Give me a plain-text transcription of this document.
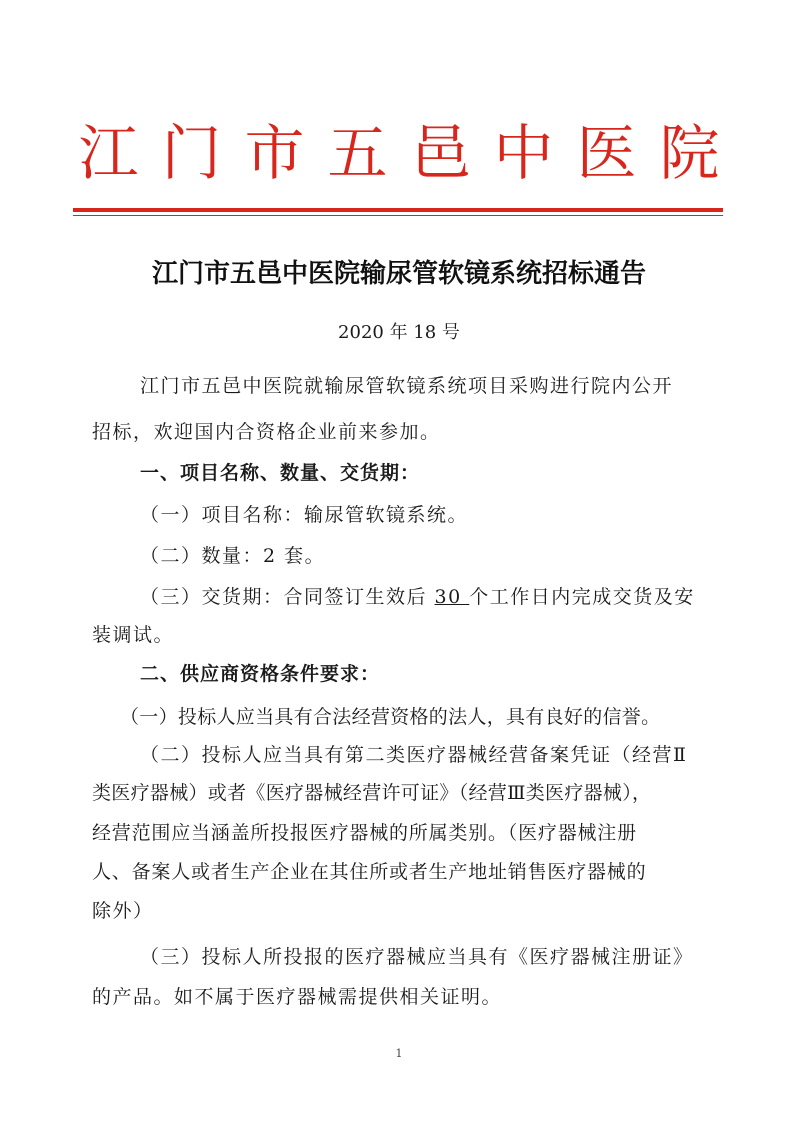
江门市五邑中医院
江门市五邑中医院输尿管软镜系统招标通告
2020 年 18 号
江门市五邑中医院就输尿管软镜系统项目采购进行院内公开
招标，欢迎国内合资格企业前来参加。
一、项目名称、数量、交货期：
（一）项目名称：输尿管软镜系统。
（二）数量：2 套。
（三）交货期：合同签订生效后 30 个工作日内完成交货及安
装调试。
二、供应商资格条件要求：
（一）投标人应当具有合法经营资格的法人，具有良好的信誉。
（二）投标人应当具有第二类医疗器械经营备案凭证（经营Ⅱ
类医疗器械）或者《医疗器械经营许可证》（经营Ⅲ类医疗器械），
经营范围应当涵盖所投报医疗器械的所属类别。（医疗器械注册
人、备案人或者生产企业在其住所或者生产地址销售医疗器械的
除外）
（三）投标人所投报的医疗器械应当具有《医疗器械注册证》
的产品。如不属于医疗器械需提供相关证明。
1
